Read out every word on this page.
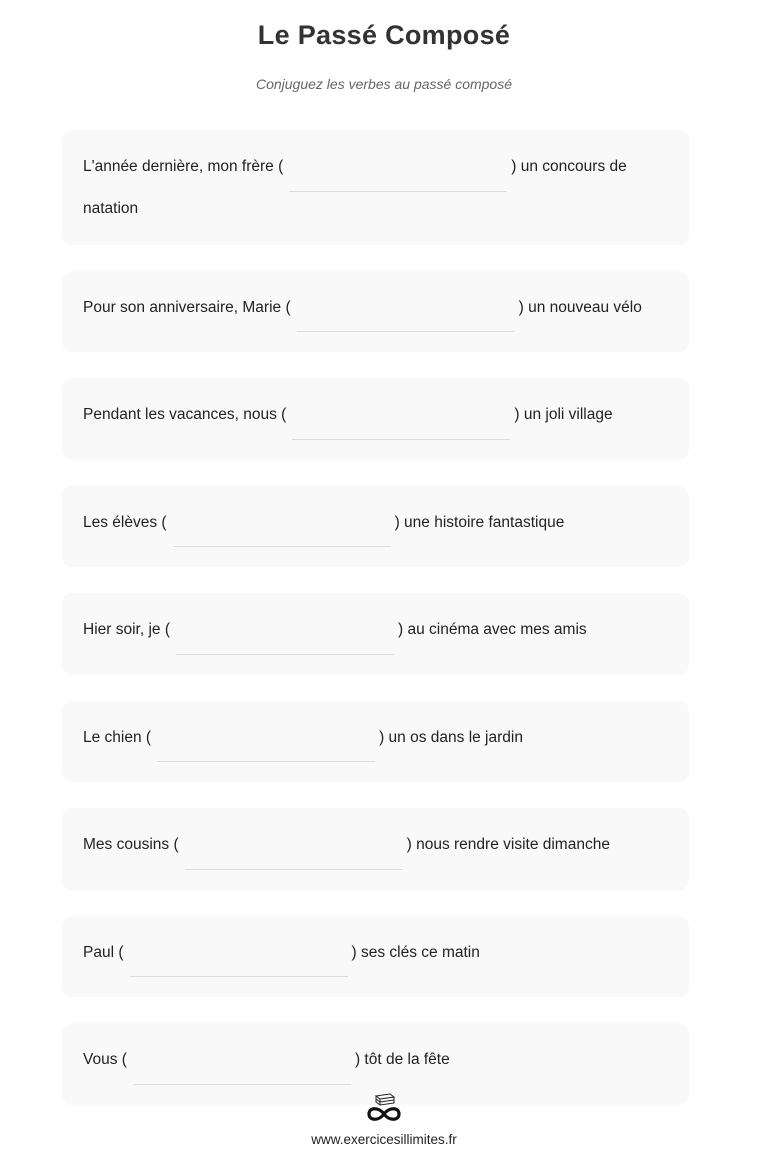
Le Passé Composé
Conjuguez les verbes au passé composé
L'année dernière, mon frère (	) un concours de natation
Pour son anniversaire, Marie (	) un nouveau vélo
Pendant les vacances, nous (	) un joli village
Les élèves (	) une histoire fantastique
Hier soir, je (	) au cinéma avec mes amis
Le chien (	) un os dans le jardin
Mes cousins (	) nous rendre visite dimanche
Paul (	) ses clés ce matin
Vous (	) tôt de la fête
www.exercicesillimites.fr
